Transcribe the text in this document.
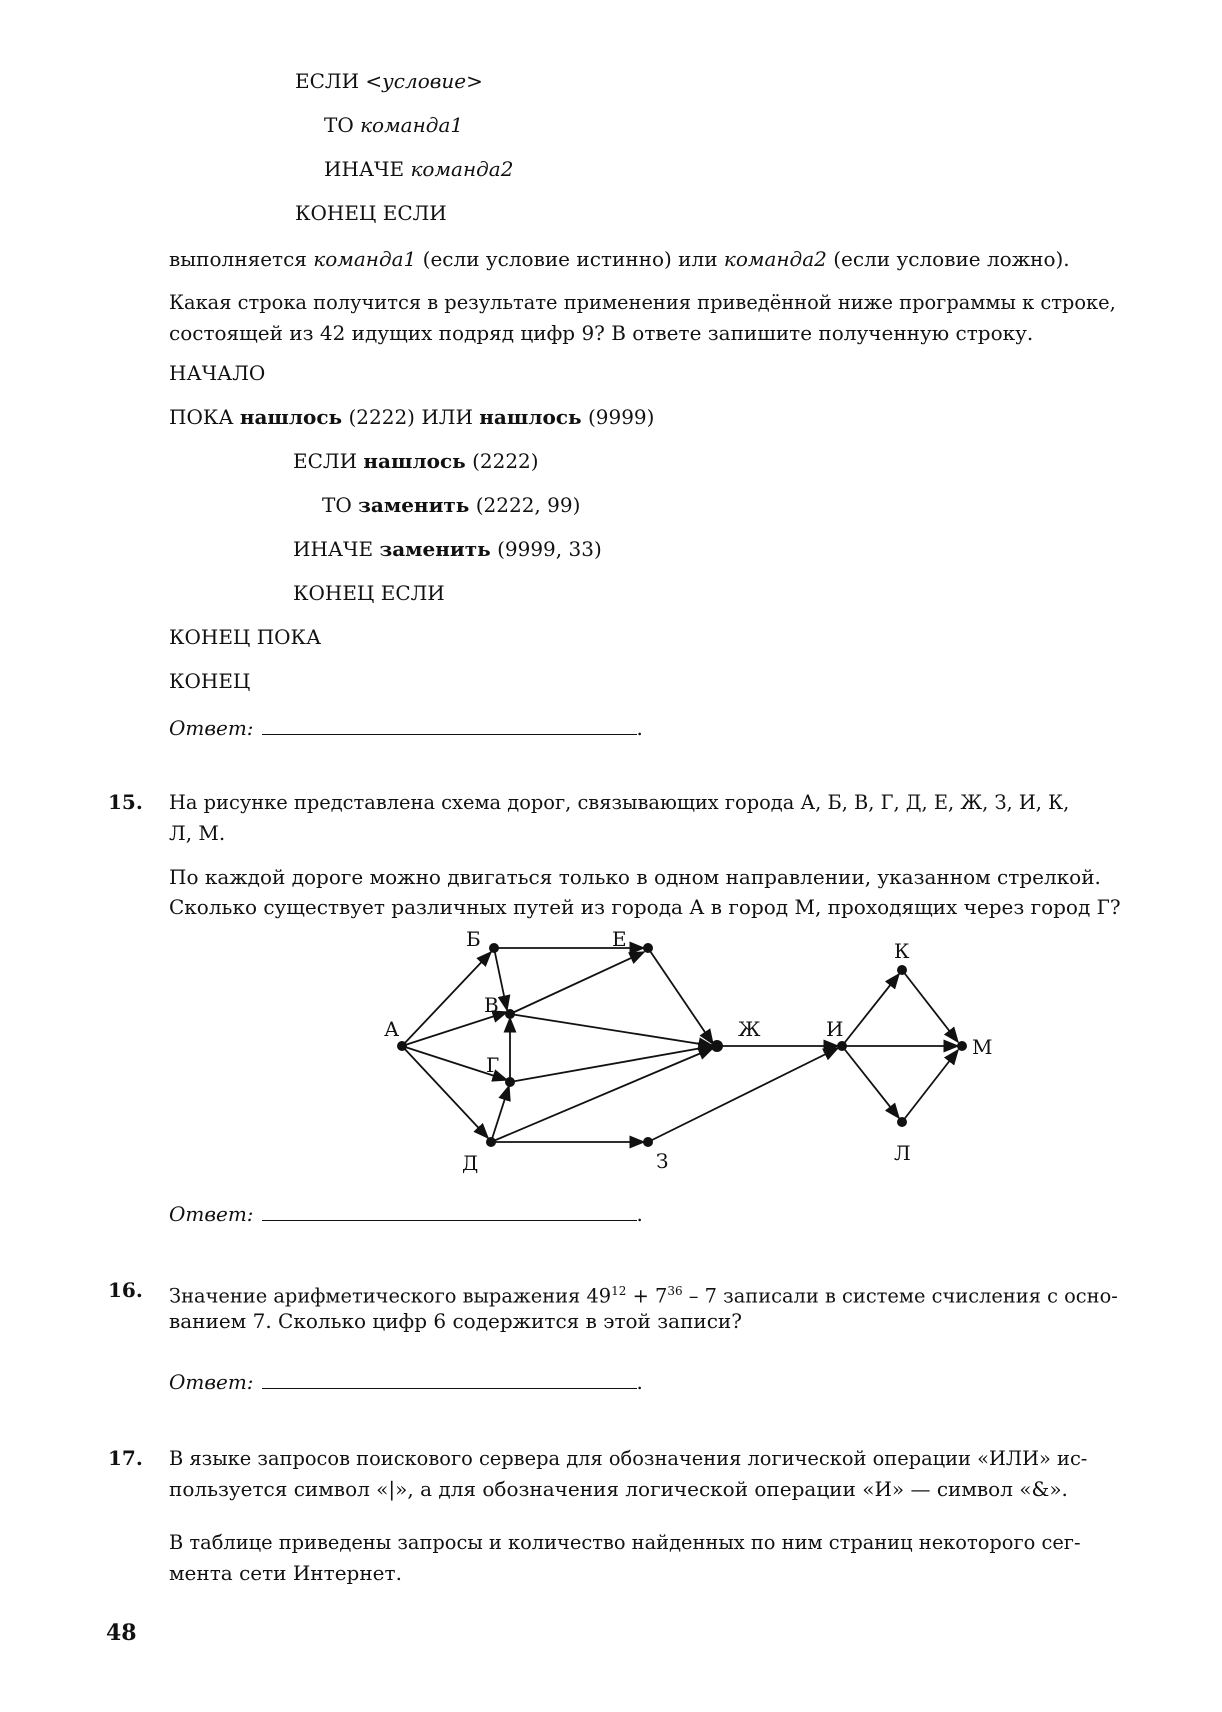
ЕСЛИ <условие>
ТО команда1
ИНАЧЕ команда2
КОНЕЦ ЕСЛИ
выполняется команда1 (если условие истинно) или команда2 (если условие ложно).
Какая строка получится в результате применения приведённой ниже программы к строке,
состоящей из 42 идущих подряд цифр 9? В ответе запишите полученную строку.
НАЧАЛО
ПОКА нашлось (2222) ИЛИ нашлось (9999)
ЕСЛИ нашлось (2222)
ТО заменить (2222, 99)
ИНАЧЕ заменить (9999, 33)
КОНЕЦ ЕСЛИ
КОНЕЦ ПОКА
КОНЕЦ
Ответ:	.
15. На рисунке представлена схема дорог, связывающих города А, Б, В, Г, Д, Е, Ж, З, И, К,
Л, М.
По каждой дороге можно двигаться только в одном направлении, указанном стрелкой.
Сколько существует различных путей из города А в город М, проходящих через город Г?
А
Б
В
Г
Д
Е
Ж
З
И
К
Л
М
Ответ:	.
16. Значение арифметического выражения $49^{12} + 7^{36} - 7$ записали в системе счисления с осно-
ванием 7. Сколько цифр 6 содержится в этой записи?
Ответ:	.
17. В языке запросов поискового сервера для обозначения логической операции «ИЛИ» ис-
пользуется символ «|», а для обозначения логической операции «И» — символ «&».
В таблице приведены запросы и количество найденных по ним страниц некоторого сег-
мента сети Интернет.
48
